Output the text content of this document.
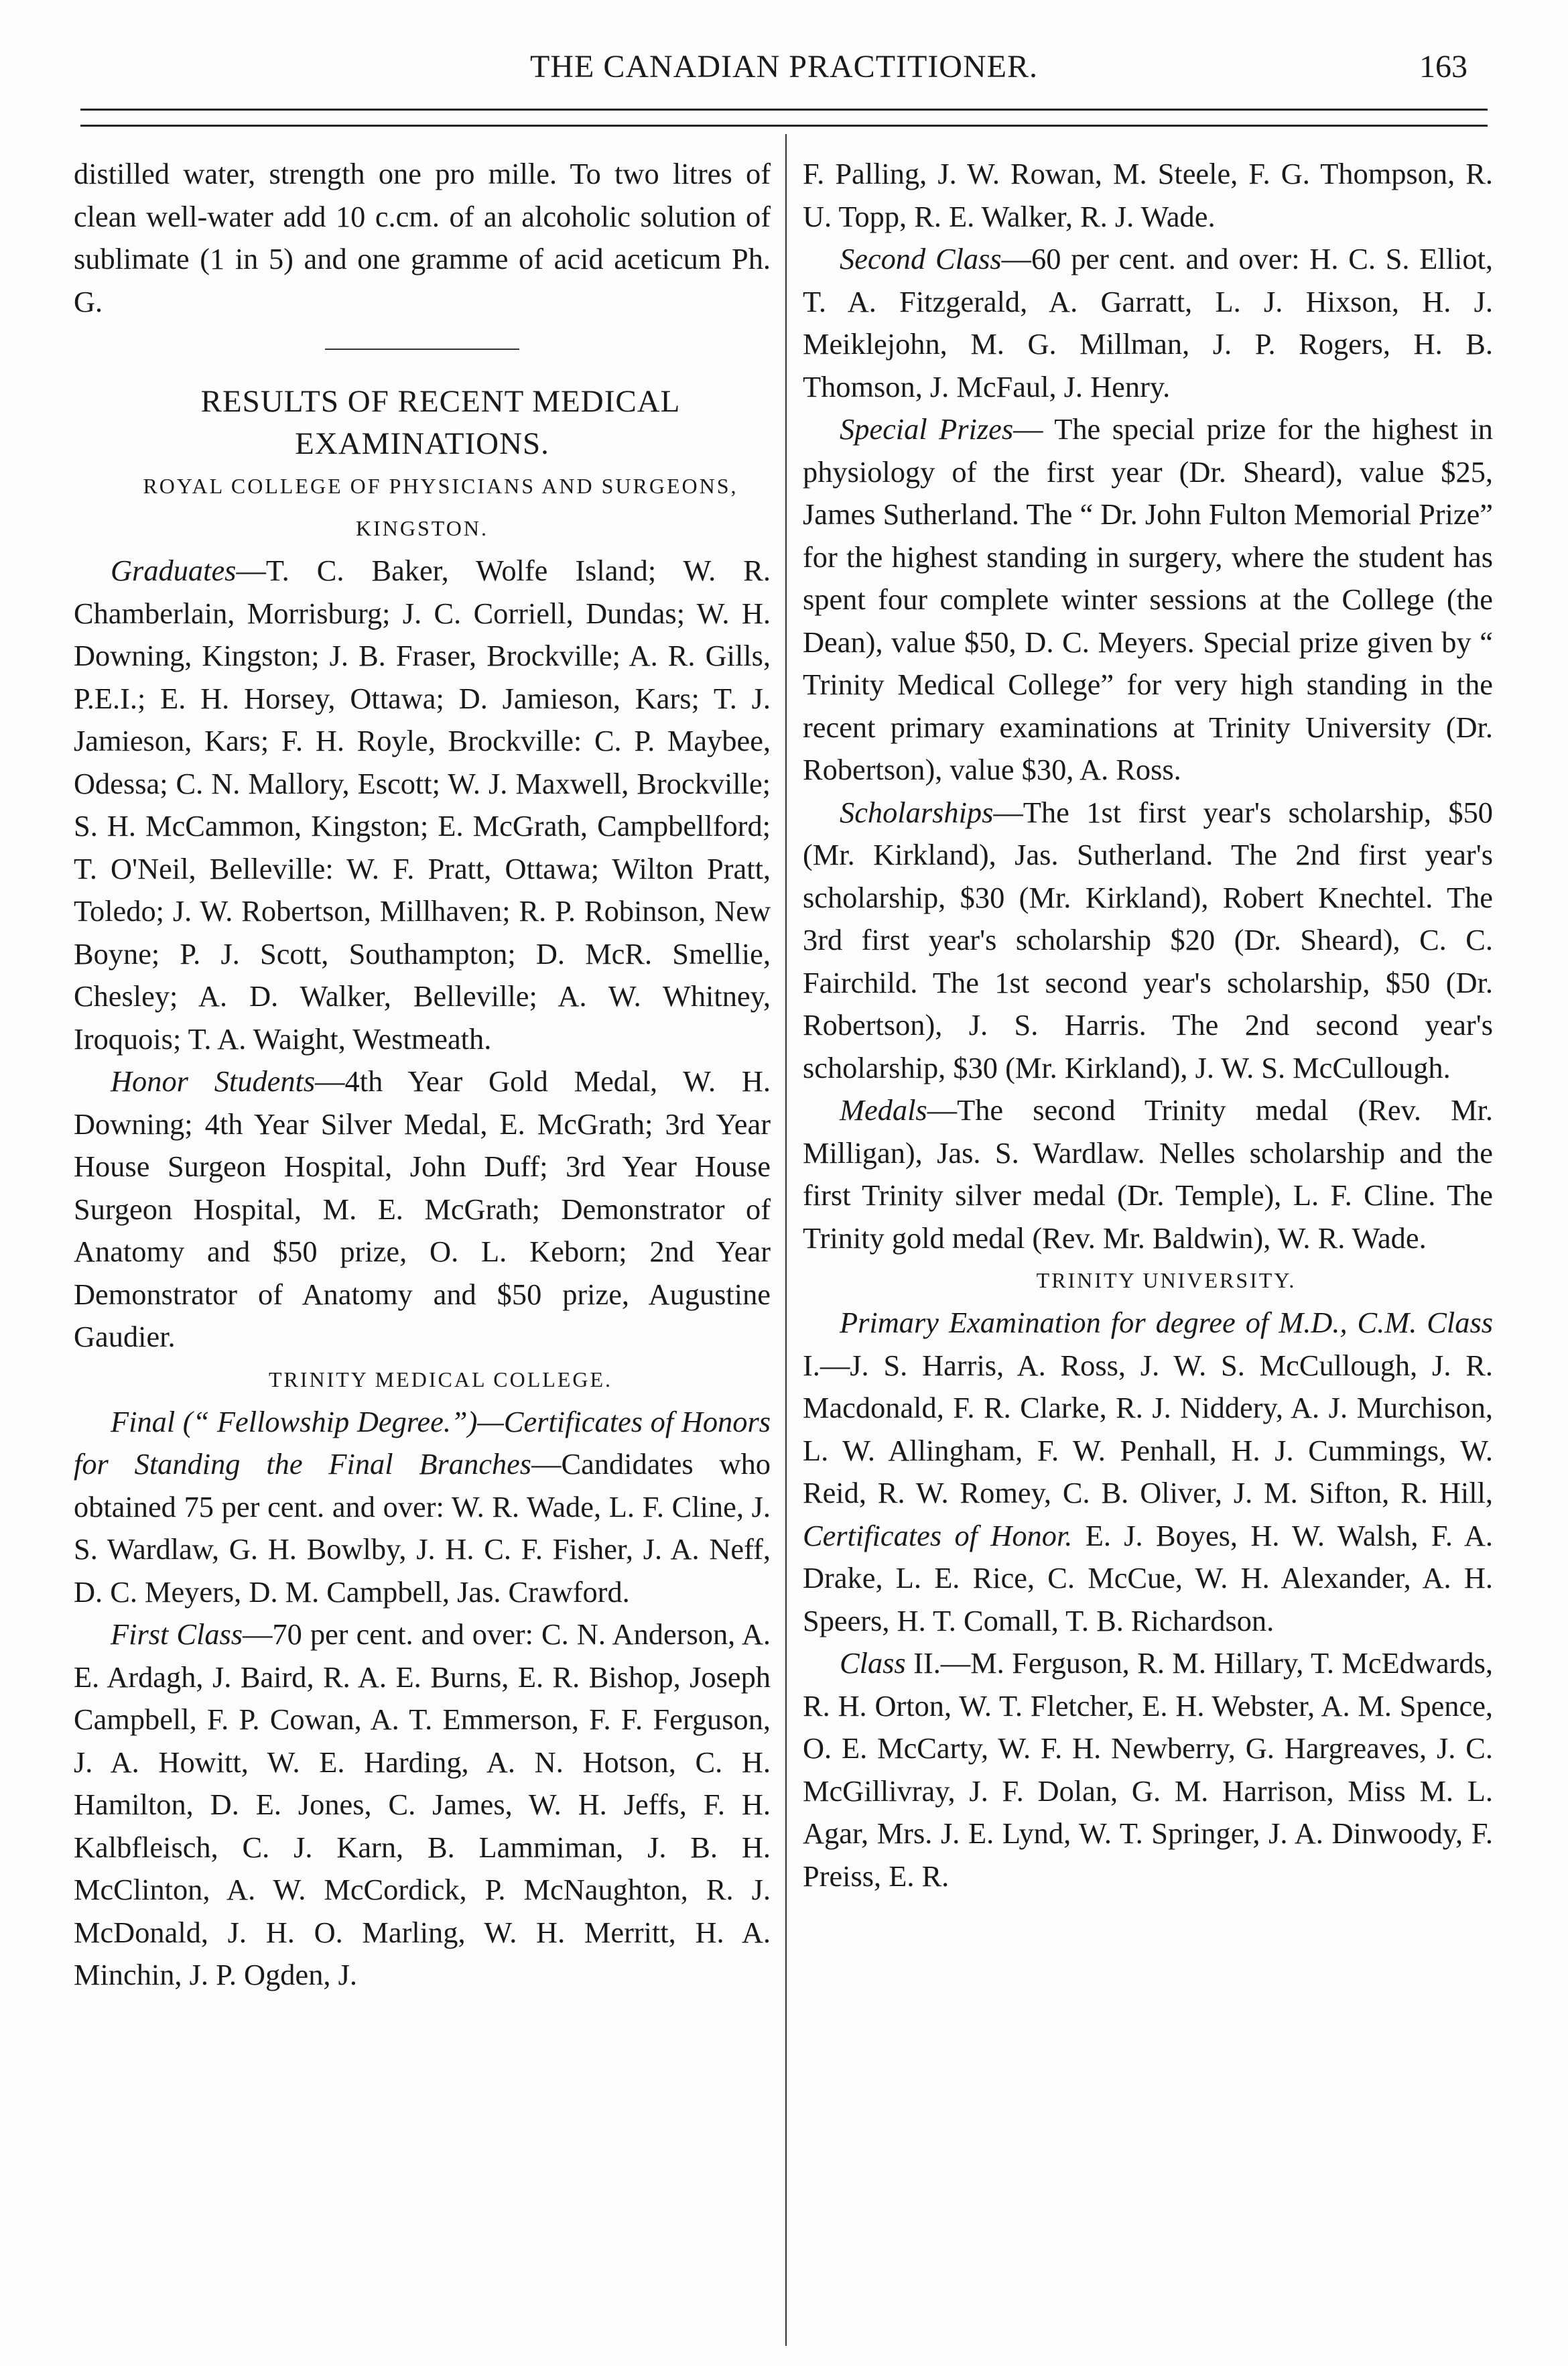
THE CANADIAN PRACTITIONER.	163

distilled water, strength one pro mille. To two litres of clean well-water add 10 c.cm. of an alcoholic solution of sublimate (1 in 5) and one gramme of acid aceticum Ph. G.

RESULTS OF RECENT MEDICAL EXAMINATIONS.

ROYAL COLLEGE OF PHYSICIANS AND SURGEONS, KINGSTON.

Graduates—T. C. Baker, Wolfe Island; W. R. Chamberlain, Morrisburg; J. C. Corriell, Dundas; W. H. Downing, Kingston; J. B. Fraser, Brockville; A. R. Gills, P.E.I.; E. H. Horsey, Ottawa; D. Jamieson, Kars; T. J. Jamieson, Kars; F. H. Royle, Brockville: C. P. Maybee, Odessa; C. N. Mallory, Escott; W. J. Maxwell, Brockville; S. H. McCammon, Kingston; E. McGrath, Campbellford; T. O'Neil, Belleville: W. F. Pratt, Ottawa; Wilton Pratt, Toledo; J. W. Robertson, Millhaven; R. P. Robinson, New Boyne; P. J. Scott, Southampton; D. McR. Smellie, Chesley; A. D. Walker, Belleville; A. W. Whitney, Iroquois; T. A. Waight, Westmeath.

Honor Students—4th Year Gold Medal, W. H. Downing; 4th Year Silver Medal, E. McGrath; 3rd Year House Surgeon Hospital, John Duff; 3rd Year House Surgeon Hospital, M. E. McGrath; Demonstrator of Anatomy and $50 prize, O. L. Keborn; 2nd Year Demonstrator of Anatomy and $50 prize, Augustine Gaudier.

TRINITY MEDICAL COLLEGE.

Final (“ Fellowship Degree.”)—Certificates of Honors for Standing the Final Branches—Candidates who obtained 75 per cent. and over: W. R. Wade, L. F. Cline, J. S. Wardlaw, G. H. Bowlby, J. H. C. F. Fisher, J. A. Neff, D. C. Meyers, D. M. Campbell, Jas. Crawford.

First Class—70 per cent. and over: C. N. Anderson, A. E. Ardagh, J. Baird, R. A. E. Burns, E. R. Bishop, Joseph Campbell, F. P. Cowan, A. T. Emmerson, F. F. Ferguson, J. A. Howitt, W. E. Harding, A. N. Hotson, C. H. Hamilton, D. E. Jones, C. James, W. H. Jeffs, F. H. Kalbfleisch, C. J. Karn, B. Lammiman, J. B. H. McClinton, A. W. McCordick, P. McNaughton, R. J. McDonald, J. H. O. Marling, W. H. Merritt, H. A. Minchin, J. P. Ogden, J.

F. Palling, J. W. Rowan, M. Steele, F. G. Thompson, R. U. Topp, R. E. Walker, R. J. Wade.

Second Class—60 per cent. and over: H. C. S. Elliot, T. A. Fitzgerald, A. Garratt, L. J. Hixson, H. J. Meiklejohn, M. G. Millman, J. P. Rogers, H. B. Thomson, J. McFaul, J. Henry.

Special Prizes— The special prize for the highest in physiology of the first year (Dr. Sheard), value $25, James Sutherland. The “ Dr. John Fulton Memorial Prize” for the highest standing in surgery, where the student has spent four complete winter sessions at the College (the Dean), value $50, D. C. Meyers. Special prize given by “ Trinity Medical College” for very high standing in the recent primary examinations at Trinity University (Dr. Robertson), value $30, A. Ross.

Scholarships—The 1st first year's scholarship, $50 (Mr. Kirkland), Jas. Sutherland. The 2nd first year's scholarship, $30 (Mr. Kirkland), Robert Knechtel. The 3rd first year's scholarship $20 (Dr. Sheard), C. C. Fairchild. The 1st second year's scholarship, $50 (Dr. Robertson), J. S. Harris. The 2nd second year's scholarship, $30 (Mr. Kirkland), J. W. S. McCullough.

Medals—The second Trinity medal (Rev. Mr. Milligan), Jas. S. Wardlaw. Nelles scholarship and the first Trinity silver medal (Dr. Temple), L. F. Cline. The Trinity gold medal (Rev. Mr. Baldwin), W. R. Wade.

TRINITY UNIVERSITY.

Primary Examination for degree of M.D., C.M. Class I.—J. S. Harris, A. Ross, J. W. S. McCullough, J. R. Macdonald, F. R. Clarke, R. J. Niddery, A. J. Murchison, L. W. Allingham, F. W. Penhall, H. J. Cummings, W. Reid, R. W. Romey, C. B. Oliver, J. M. Sifton, R. Hill, Certificates of Honor. E. J. Boyes, H. W. Walsh, F. A. Drake, L. E. Rice, C. McCue, W. H. Alexander, A. H. Speers, H. T. Comall, T. B. Richardson.

Class II.—M. Ferguson, R. M. Hillary, T. McEdwards, R. H. Orton, W. T. Fletcher, E. H. Webster, A. M. Spence, O. E. McCarty, W. F. H. Newberry, G. Hargreaves, J. C. McGillivray, J. F. Dolan, G. M. Harrison, Miss M. L. Agar, Mrs. J. E. Lynd, W. T. Springer, J. A. Dinwoody, F. Preiss, E. R.
